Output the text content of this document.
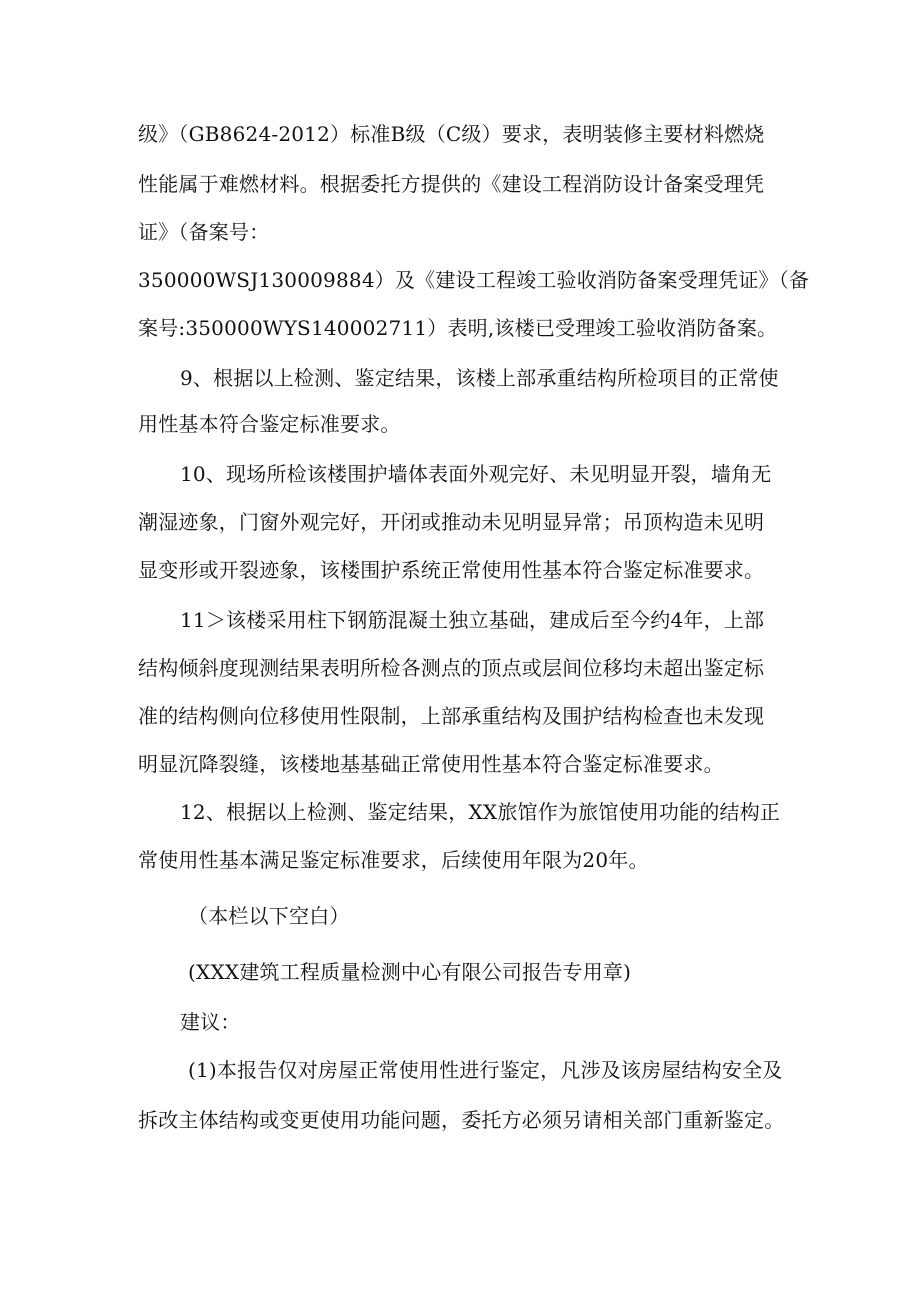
级》（GB8624-2012）标准B级（C级）要求，表明装修主要材料燃烧
性能属于难燃材料。根据委托方提供的《建设工程消防设计备案受理凭
证》（备案号：
350000WSJ130009884）及《建设工程竣工验收消防备案受理凭证》（备
案号:350000WYS140002711）表明,该楼已受理竣工验收消防备案。
9、根据以上检测、鉴定结果，该楼上部承重结构所检项目的正常使
用性基本符合鉴定标准要求。
10、现场所检该楼围护墙体表面外观完好、未见明显开裂，墙角无
潮湿迹象，门窗外观完好，开闭或推动未见明显异常；吊顶构造未见明
显变形或开裂迹象，该楼围护系统正常使用性基本符合鉴定标准要求。
11＞该楼采用柱下钢筋混凝土独立基础，建成后至今约4年，上部
结构倾斜度现测结果表明所检各测点的顶点或层间位移均未超出鉴定标
准的结构侧向位移使用性限制，上部承重结构及围护结构检查也未发现
明显沉降裂缝，该楼地基基础正常使用性基本符合鉴定标准要求。
12、根据以上检测、鉴定结果，XX旅馆作为旅馆使用功能的结构正
常使用性基本满足鉴定标准要求，后续使用年限为20年。
（本栏以下空白）
(XXX建筑工程质量检测中心有限公司报告专用章)
建议：
(1)本报告仅对房屋正常使用性进行鉴定，凡涉及该房屋结构安全及
拆改主体结构或变更使用功能问题，委托方必须另请相关部门重新鉴定。
